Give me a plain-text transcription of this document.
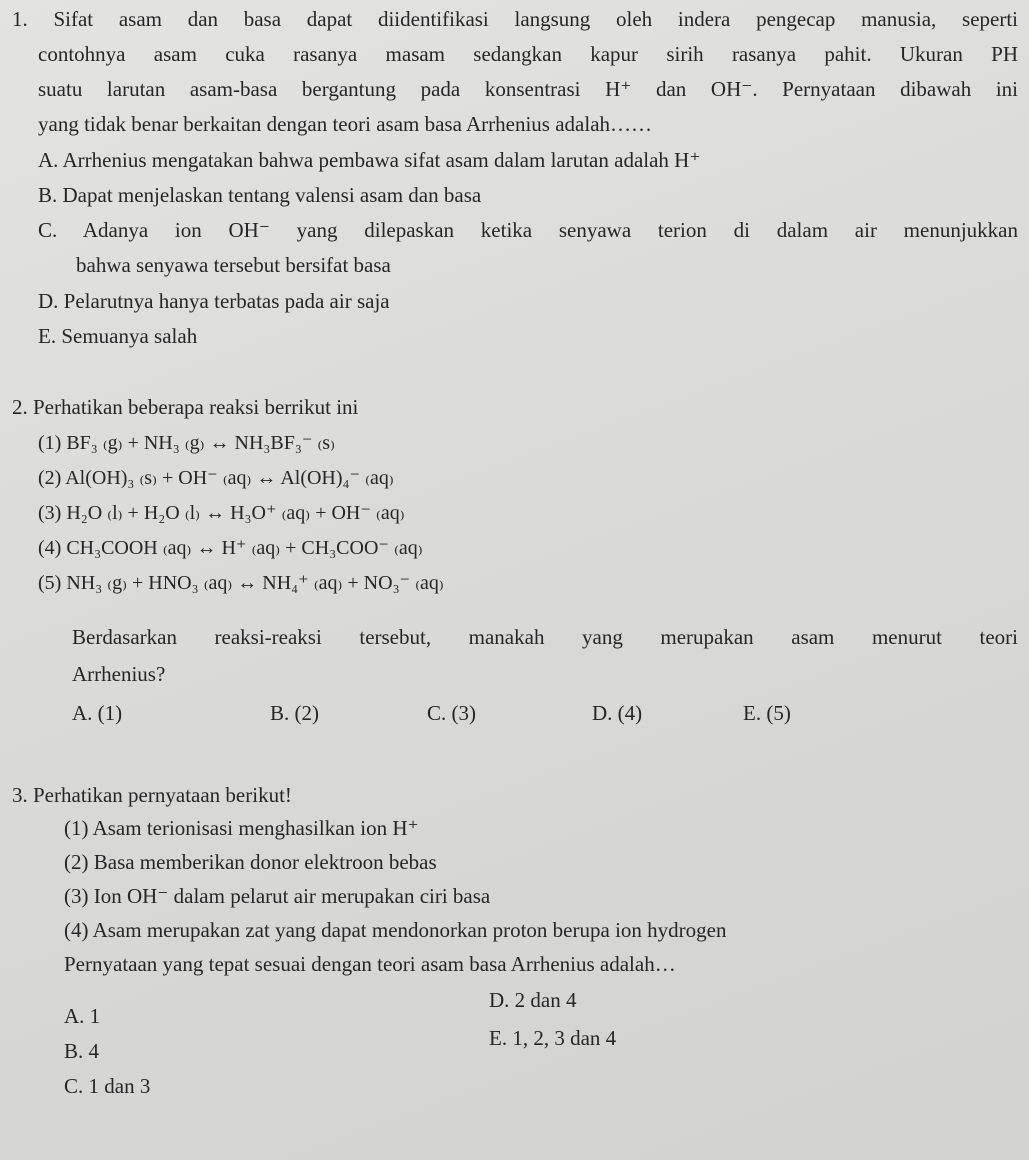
1. Sifat asam dan basa dapat diidentifikasi langsung oleh indera pengecap manusia, seperti
contohnya asam cuka rasanya masam sedangkan kapur sirih rasanya pahit. Ukuran PH
suatu larutan asam-basa bergantung pada konsentrasi H⁺ dan OH⁻. Pernyataan dibawah ini
yang tidak benar berkaitan dengan teori asam basa Arrhenius adalah……
A. Arrhenius mengatakan bahwa pembawa sifat asam dalam larutan adalah H⁺
B. Dapat menjelaskan tentang valensi asam dan basa
C. Adanya ion OH⁻ yang dilepaskan ketika senyawa terion di dalam air menunjukkan
bahwa senyawa tersebut bersifat basa
D. Pelarutnya hanya terbatas pada air saja
E. Semuanya salah
2. Perhatikan beberapa reaksi berrikut ini
(1) BF₃ ₍g₎ + NH₃ ₍g₎ ↔ NH₃BF₃⁻ ₍s₎
(2) Al(OH)₃ ₍s₎ + OH⁻ ₍aq₎ ↔ Al(OH)₄⁻ ₍aq₎
(3) H₂O ₍l₎ + H₂O ₍l₎ ↔ H₃O⁺ ₍aq₎ + OH⁻ ₍aq₎
(4) CH₃COOH ₍aq₎ ↔ H⁺ ₍aq₎ + CH₃COO⁻ ₍aq₎
(5) NH₃ ₍g₎ + HNO₃ ₍aq₎ ↔ NH₄⁺ ₍aq₎ + NO₃⁻ ₍aq₎
Berdasarkan reaksi-reaksi tersebut, manakah yang merupakan asam menurut teori
Arrhenius?
A. (1)	B. (2)	C. (3)	D. (4)	E. (5)
3. Perhatikan pernyataan berikut!
(1) Asam terionisasi menghasilkan ion H⁺
(2) Basa memberikan donor elektroon bebas
(3) Ion OH⁻ dalam pelarut air merupakan ciri basa
(4) Asam merupakan zat yang dapat mendonorkan proton berupa ion hydrogen
Pernyataan yang tepat sesuai dengan teori asam basa Arrhenius adalah…
A. 1
D. 2 dan 4
B. 4
E. 1, 2, 3 dan 4
C. 1 dan 3
